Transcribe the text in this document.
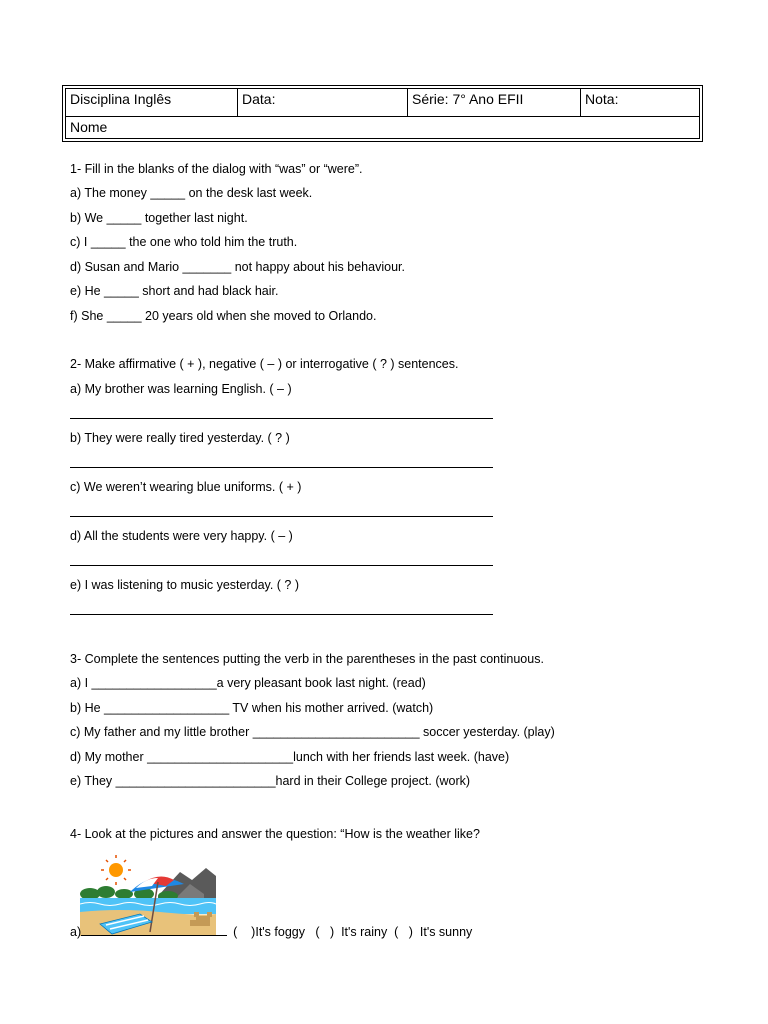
Disciplina Inglês	Data:	Série: 7° Ano EFII	Nota:
Nome
1- Fill in the blanks of the dialog with “was” or “were”.
a) The money _____ on the desk last week.
b) We _____ together last night.
c) I _____ the one who told him the truth.
d) Susan and Mario _______ not happy about his behaviour.
e) He _____ short and had black hair.
f) She _____ 20 years old when she moved to Orlando.
2- Make affirmative ( + ), negative ( – ) or interrogative ( ? ) sentences.
a) My brother was learning English. ( – )
b) They were really tired yesterday. ( ? )
c) We weren’t wearing blue uniforms. ( + )
d) All the students were very happy. ( – )
e) I was listening to music yesterday. ( ? )
3- Complete the sentences putting the verb in the parentheses in the past continuous.
a) I __________________a very pleasant book last night. (read)
b) He __________________ TV when his mother arrived. (watch)
c) My father and my little brother ________________________ soccer yesterday. (play)
d) My mother _____________________lunch with her friends last week. (have)
e) They _______________________hard in their College project. (work)
4- Look at the pictures and answer the question: “How is the weather like?
a)	(    )It's foggy   (   )  It's rainy  (   )  It's sunny
